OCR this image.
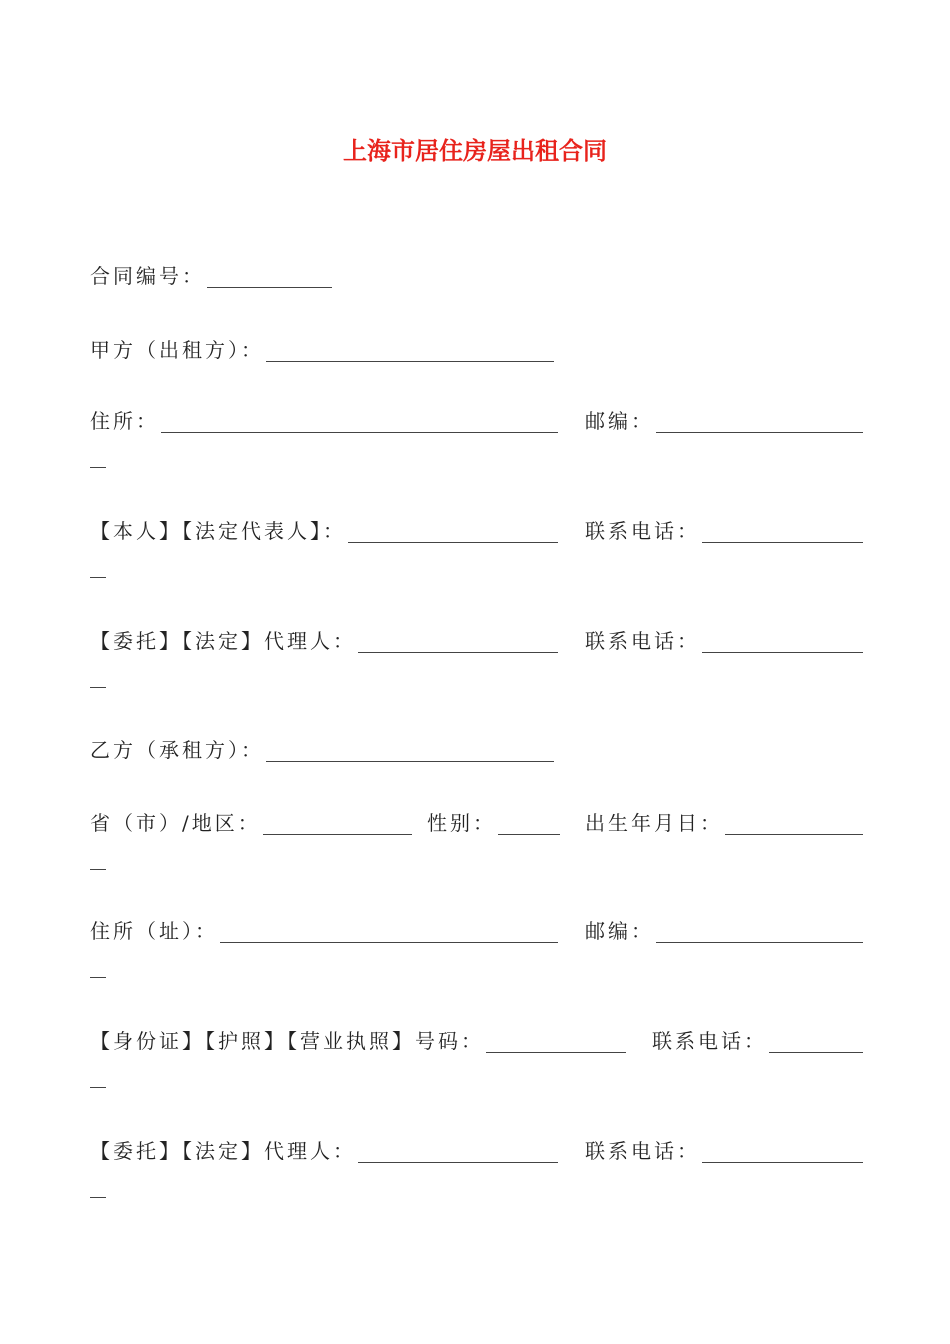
上海市居住房屋出租合同
合同编号：
甲方（出租方）：
住所：	邮编：
【本人】【法定代表人】：	联系电话：
【委托】【法定】代理人：	联系电话：
乙方（承租方）：
省（市）/地区：	性别：	出生年月日：
住所（址）：	邮编：
【身份证】【护照】【营业执照】号码：	联系电话：
【委托】【法定】代理人：	联系电话：
